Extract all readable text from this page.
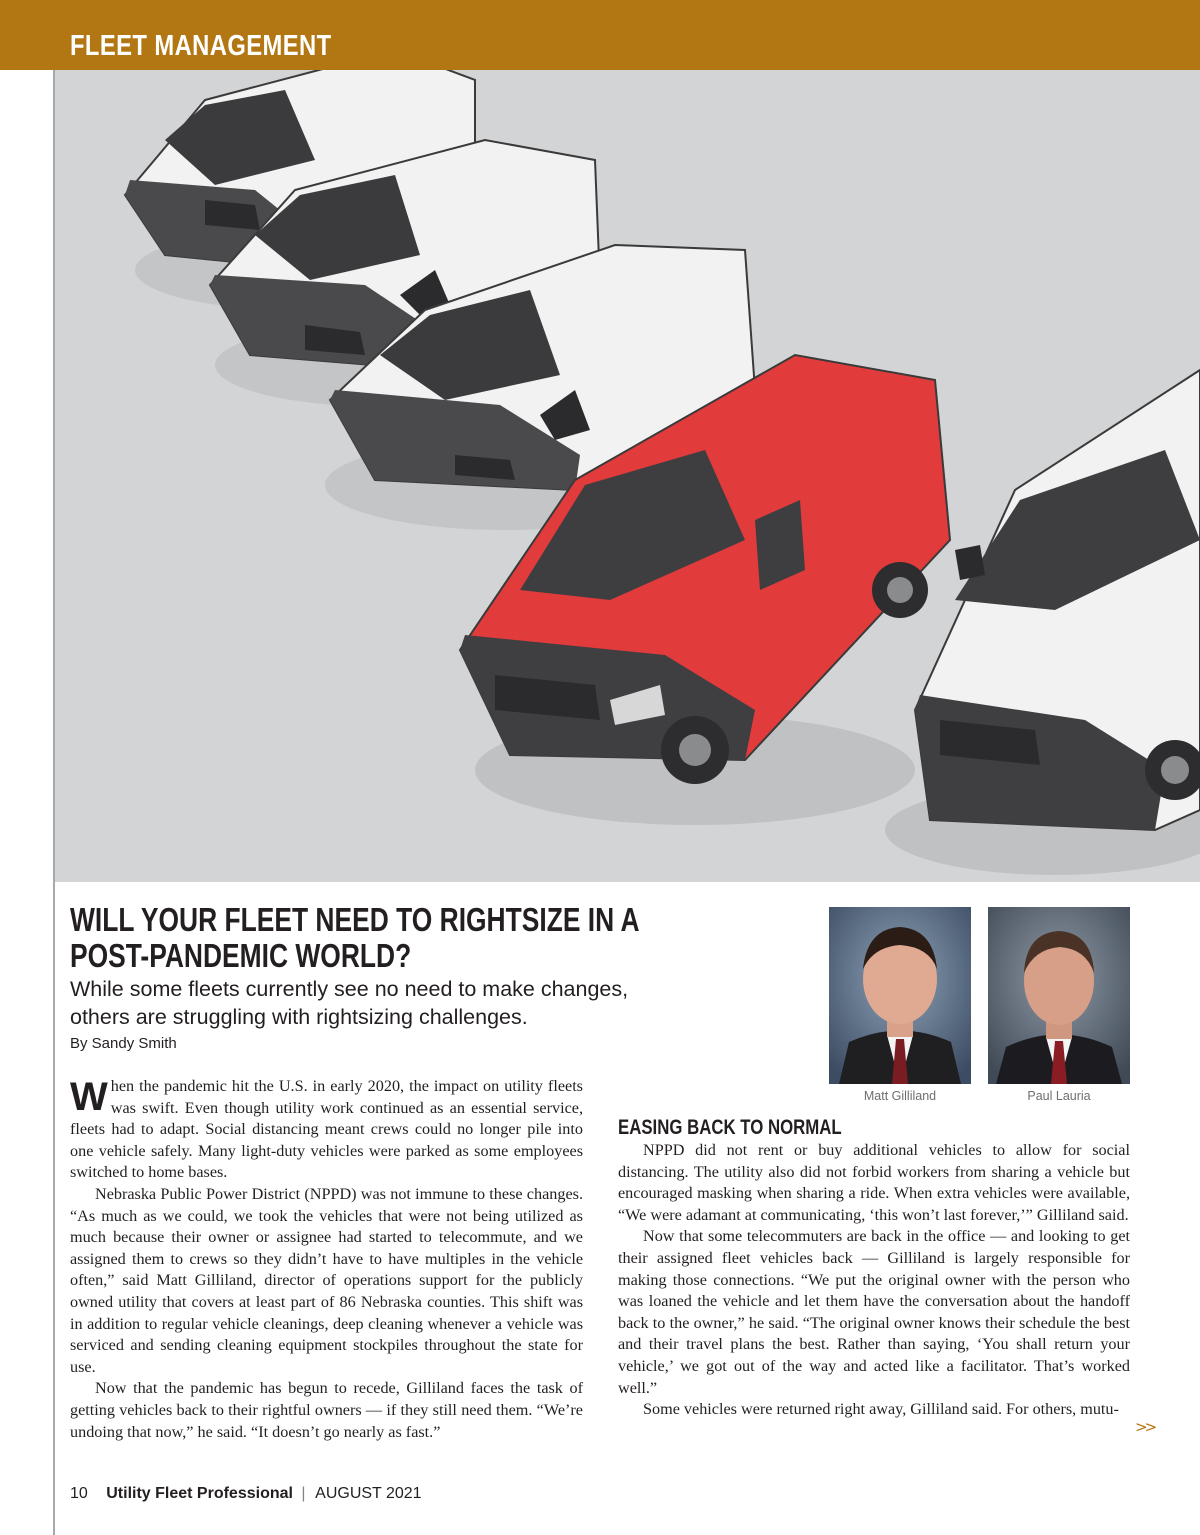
FLEET MANAGEMENT
WILL YOUR FLEET NEED TO RIGHTSIZE IN A POST-PANDEMIC WORLD?

While some fleets currently see no need to make changes, others are struggling with rightsizing challenges.

By Sandy Smith

Matt Gilliland	Paul Lauria

When the pandemic hit the U.S. in early 2020, the impact on utility fleets was swift. Even though utility work continued as an essential service, fleets had to adapt. Social distancing meant crews could no longer pile into one vehicle safely. Many light-duty vehicles were parked as some employees switched to home bases.

Nebraska Public Power District (NPPD) was not immune to these changes. “As much as we could, we took the vehicles that were not being utilized as much because their owner or assignee had started to telecommute, and we assigned them to crews so they didn’t have to have multiples in the vehicle often,” said Matt Gilliland, director of operations support for the publicly owned utility that covers at least part of 86 Nebraska counties. This shift was in addition to regular vehicle cleanings, deep cleaning whenever a vehicle was serviced and sending cleaning equipment stockpiles throughout the state for use.

Now that the pandemic has begun to recede, Gilliland faces the task of getting vehicles back to their rightful owners — if they still need them. “We’re undoing that now,” he said. “It doesn’t go nearly as fast.”

EASING BACK TO NORMAL

NPPD did not rent or buy additional vehicles to allow for social distancing. The utility also did not forbid workers from sharing a vehicle but encouraged masking when sharing a ride. When extra vehicles were available, “We were adamant at communicating, ‘this won’t last forever,’” Gilliland said.

Now that some telecommuters are back in the office — and looking to get their assigned fleet vehicles back — Gilliland is largely responsible for making those connections. “We put the original owner with the person who was loaned the vehicle and let them have the conversation about the handoff back to the owner,” he said. “The original owner knows their schedule the best and their travel plans the best. Rather than saying, ‘You shall return your vehicle,’ we got out of the way and acted like a facilitator. That’s worked well.”

Some vehicles were returned right away, Gilliland said. For others, mutu-

>>
10 Utility Fleet Professional | AUGUST 2021
